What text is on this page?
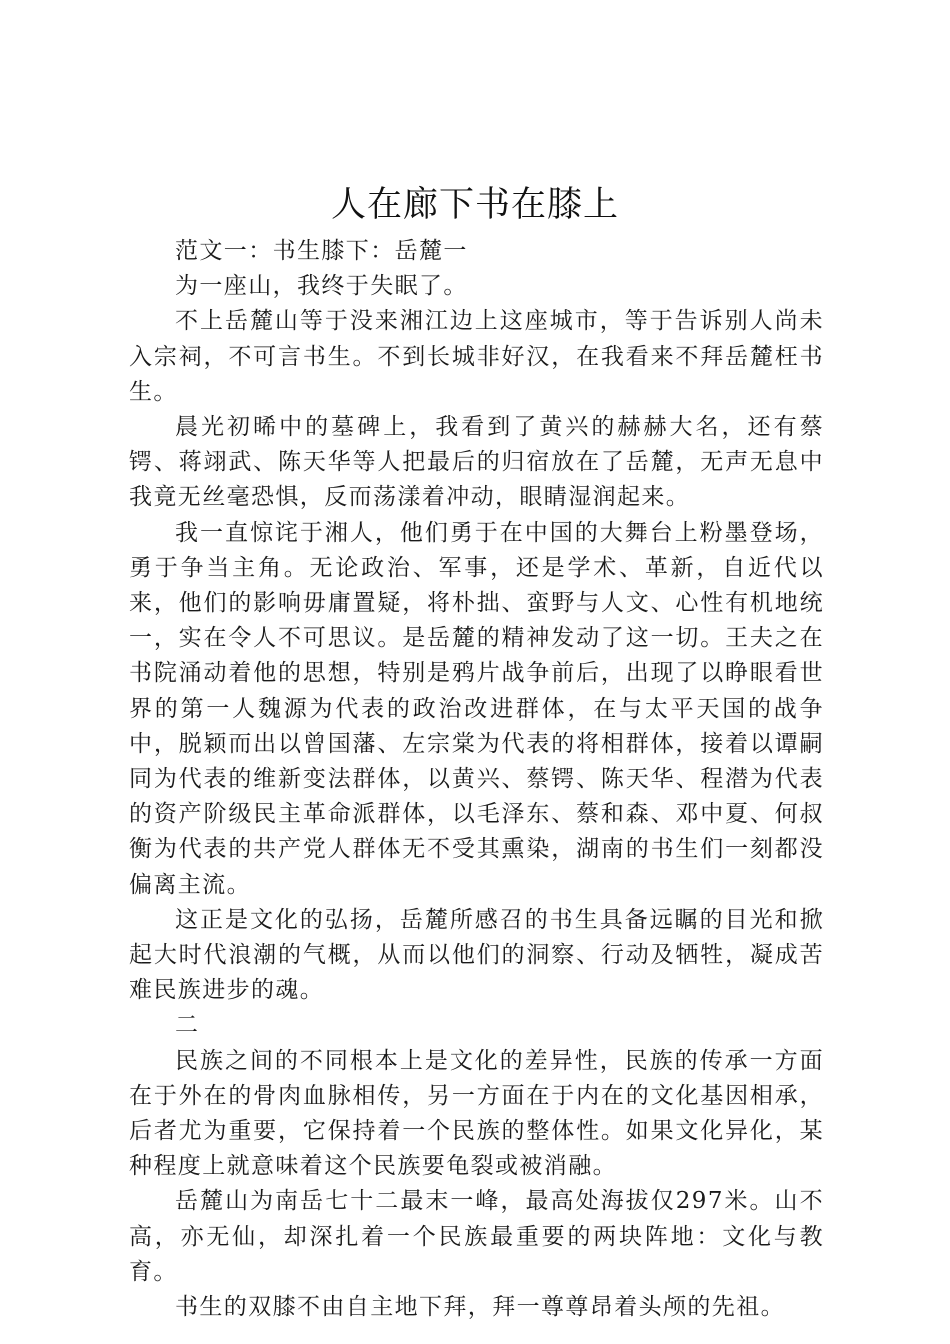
人在廊下书在膝上

范文一：书生膝下：岳麓一

为一座山，我终于失眠了。

不上岳麓山等于没来湘江边上这座城市，等于告诉别人尚未入宗祠，不可言书生。不到长城非好汉，在我看来不拜岳麓枉书生。

晨光初晞中的墓碑上，我看到了黄兴的赫赫大名，还有蔡锷、蒋翊武、陈天华等人把最后的归宿放在了岳麓，无声无息中我竟无丝毫恐惧，反而荡漾着冲动，眼睛湿润起来。

我一直惊诧于湘人，他们勇于在中国的大舞台上粉墨登场，勇于争当主角。无论政治、军事，还是学术、革新，自近代以来，他们的影响毋庸置疑，将朴拙、蛮野与人文、心性有机地统一，实在令人不可思议。是岳麓的精神发动了这一切。王夫之在书院涌动着他的思想，特别是鸦片战争前后，出现了以睁眼看世界的第一人魏源为代表的政治改进群体，在与太平天国的战争中，脱颖而出以曾国藩、左宗棠为代表的将相群体，接着以谭嗣同为代表的维新变法群体，以黄兴、蔡锷、陈天华、程潜为代表的资产阶级民主革命派群体，以毛泽东、蔡和森、邓中夏、何叔衡为代表的共产党人群体无不受其熏染，湖南的书生们一刻都没偏离主流。

这正是文化的弘扬，岳麓所感召的书生具备远瞩的目光和掀起大时代浪潮的气概，从而以他们的洞察、行动及牺牲，凝成苦难民族进步的魂。

二

民族之间的不同根本上是文化的差异性，民族的传承一方面在于外在的骨肉血脉相传，另一方面在于内在的文化基因相承，后者尤为重要，它保持着一个民族的整体性。如果文化异化，某种程度上就意味着这个民族要龟裂或被消融。

岳麓山为南岳七十二最末一峰，最高处海拔仅297米。山不高，亦无仙，却深扎着一个民族最重要的两块阵地：文化与教育。

书生的双膝不由自主地下拜，拜一尊尊昂着头颅的先祖。
